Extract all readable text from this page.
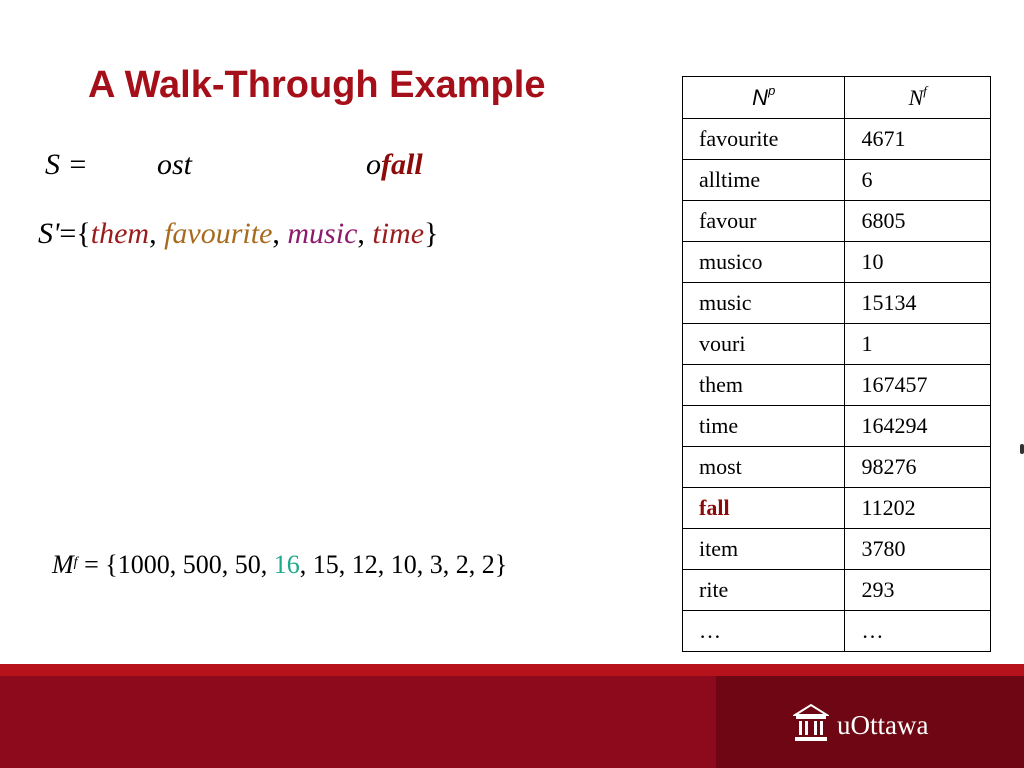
A Walk-Through Example
S = ost	ofall
S'={them, favourite, music, time}
$M^f = \{1000$, 500, 50, 16, 15, 12, 10, 3, 2, 2}
$N^p$	$N^f$
favourite	4671
alltime	6
favour	6805
musico	10
music	15134
vouri	1
them	167457
time	164294
most	98276
fall	11202
item	3780
rite	293
…	…
uOttawa
